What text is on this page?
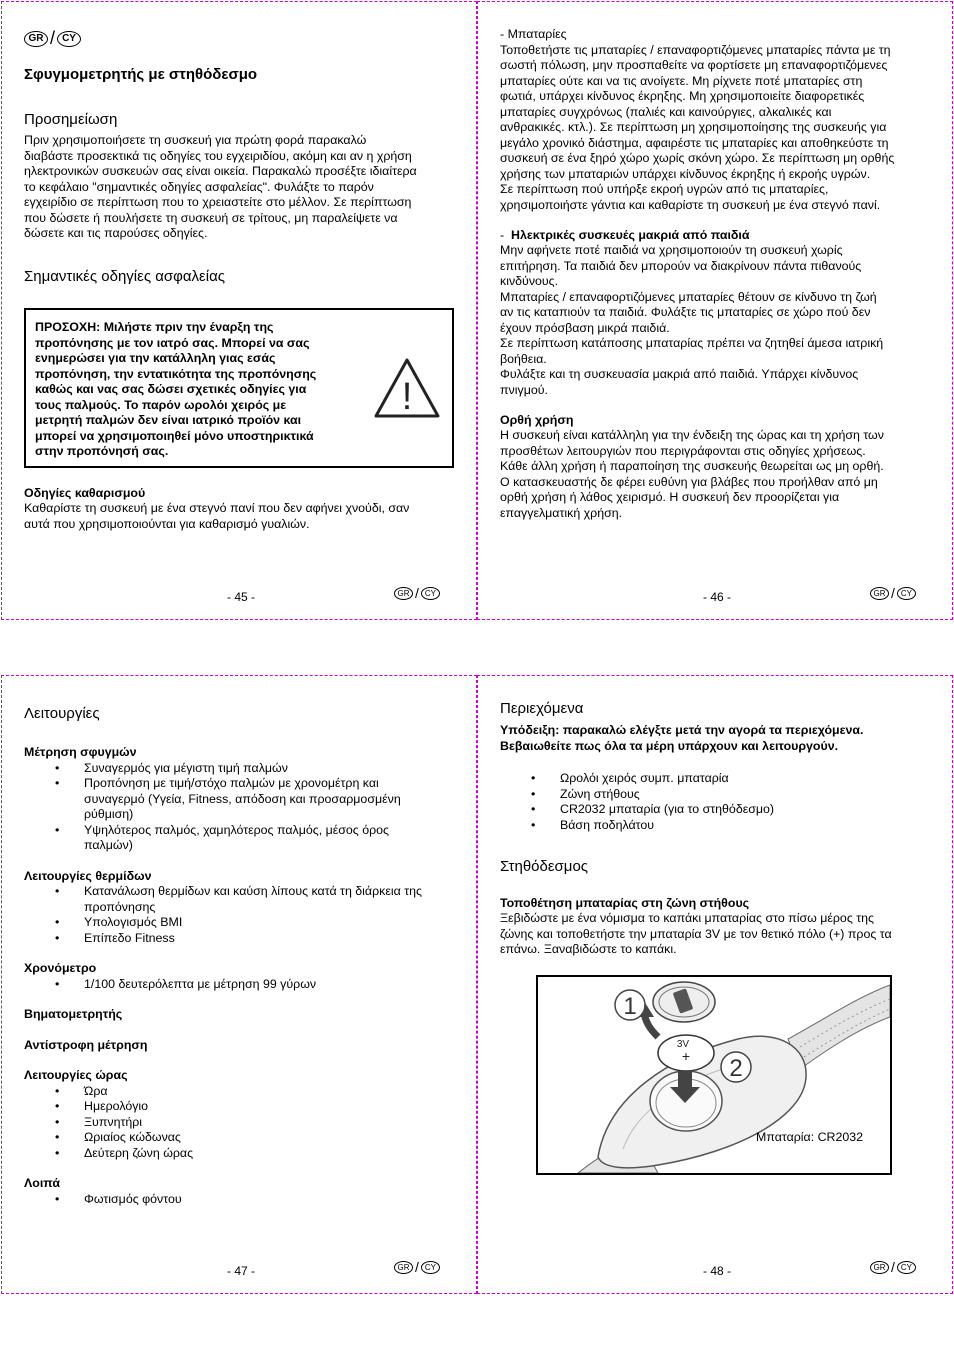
GR / CY
Σφυγμομετρητής με στηθόδεσμο
Προσημείωση
Πριν χρησιμοποιήσετε τη συσκευή για πρώτη φορά παρακαλώ
διαβάστε προσεκτικά τις οδηγίες του εγχειριδίου, ακόμη και αν η χρήση
ηλεκτρονικών συσκευών σας είναι οικεία. Παρακαλώ προσέξτε ιδιαίτερα
το κεφάλαιο "σημαντικές οδηγίες ασφαλείας". Φυλάξτε το παρόν
εγχειρίδιο σε περίπτωση που το χρειαστείτε στο μέλλον. Σε περίπτωση
που δώσετε ή πουλήσετε τη συσκευή σε τρίτους, μη παραλείψετε να
δώσετε και τις παρούσες οδηγίες.
Σημαντικές οδηγίες ασφαλείας
ΠΡΟΣΟΧΗ: Μιλήστε πριν την έναρξη της
προπόνησης με τον ιατρό σας. Μπορεί να σας
ενημερώσει για την κατάλληλη γιας εσάς
προπόνηση, την εντατικότητα της προπόνησης
καθώς και νας σας δώσει σχετικές οδηγίες για
τους παλμούς. Το παρόν ωρολόι χειρός με
μετρητή παλμών δεν είναι ιατρικό προϊόν και
μπορεί να χρησιμοποιηθεί μόνο υποστηρικτικά
στην προπόνησή σας.
!
Οδηγίες καθαρισμού
Καθαρίστε τη συσκευή με ένα στεγνό πανί που δεν αφήνει χνούδι, σαν
αυτά που χρησιμοποιούνται για καθαρισμό γυαλιών.
- 45 -	GR / CY
- Μπαταρίες
Τοποθετήστε τις μπαταρίες / επαναφορτιζόμενες μπαταρίες πάντα με τη
σωστή πόλωση, μην προσπαθείτε να φορτίσετε μη επαναφορτιζόμενες
μπαταρίες ούτε και να τις ανοίγετε. Μη ρίχνετε ποτέ μπαταρίες στη
φωτιά, υπάρχει κίνδυνος έκρηξης. Μη χρησιμοποιείτε διαφορετικές
μπαταρίες συγχρόνως (παλιές και καινούργιες, αλκαλικές και
ανθρακικές. κτλ.). Σε περίπτωση μη χρησιμοποίησης της συσκευής για
μεγάλο χρονικό διάστημα, αφαιρέστε τις μπαταρίες και αποθηκεύστε τη
συσκευή σε ένα ξηρό χώρο χωρίς σκόνη χώρο. Σε περίπτωση μη ορθής
χρήσης των μπαταριών υπάρχει κίνδυνος έκρηξης ή εκροής υγρών.
Σε περίπτωση πού υπήρξε εκροή υγρών από τις μπαταρίες,
χρησιμοποιήστε γάντια και καθαρίστε τη συσκευή με ένα στεγνό πανί.
- Ηλεκτρικές συσκευές μακριά από παιδιά
Μην αφήνετε ποτέ παιδιά να χρησιμοποιούν τη συσκευή χωρίς
επιτήρηση. Τα παιδιά δεν μπορούν να διακρίνουν πάντα πιθανούς
κινδύνους.
Μπαταρίες / επαναφορτιζόμενες μπαταρίες θέτουν σε κίνδυνο τη ζωή
αν τις καταπιούν τα παιδιά. Φυλάξτε τις μπαταρίες σε χώρο πού δεν
έχουν πρόσβαση μικρά παιδιά.
Σε περίπτωση κατάποσης μπαταρίας πρέπει να ζητηθεί άμεσα ιατρική
βοήθεια.
Φυλάξτε και τη συσκευασία μακριά από παιδιά. Υπάρχει κίνδυνος
πνιγμού.
Ορθή χρήση
Η συσκευή είναι κατάλληλη για την ένδειξη της ώρας και τη χρήση των
προσθέτων λειτουργιών που περιγράφονται στις οδηγίες χρήσεως.
Κάθε άλλη χρήση ή παραποίηση της συσκευής θεωρείται ως μη ορθή.
Ο κατασκευαστής δε φέρει ευθύνη για βλάβες που προήλθαν από μη
ορθή χρήση ή λάθος χειρισμό. Η συσκευή δεν προορίζεται για
επαγγελματική χρήση.
- 46 -	GR / CY
Λειτουργίες
Μέτρηση σφυγμών
• Συναγερμός για μέγιστη τιμή παλμών
• Προπόνηση με τιμή/στόχο παλμών με χρονομέτρη και
συναγερμό (Υγεία, Fitness, απόδοση και προσαρμοσμένη
ρύθμιση)
• Υψηλότερος παλμός, χαμηλότερος παλμός, μέσος όρος
παλμών)
Λειτουργίες θερμίδων
• Κατανάλωση θερμίδων και καύση λίπους κατά τη διάρκεια της
προπόνησης
• Υπολογισμός BMI
• Επίπεδο Fitness
Χρονόμετρο
• 1/100 δευτερόλεπτα με μέτρηση 99 γύρων
Βηματομετρητής
Αντίστροφη μέτρηση
Λειτουργίες ώρας
• Ώρα
• Ημερολόγιο
• Ξυπνητήρι
• Ωριαίος κώδωνας
• Δεύτερη ζώνη ώρας
Λοιπά
• Φωτισμός φόντου
- 47 -	GR / CY
Περιεχόμενα
Υπόδειξη: παρακαλώ ελέγξτε μετά την αγορά τα περιεχόμενα.
Βεβαιωθείτε πως όλα τα μέρη υπάρχουν και λειτουργούν.
• Ωρολόι χειρός συμπ. μπαταρία
• Ζώνη στήθους
• CR2032 μπαταρία (για το στηθόδεσμο)
• Βάση ποδηλάτου
Στηθόδεσμος
Τοποθέτηση μπαταρίας στη ζώνη στήθους
Ξεβιδώστε με ένα νόμισμα το καπάκι μπαταρίας στο πίσω μέρος της
ζώνης και τοποθετήστε την μπαταρία 3V με τον θετικό πόλο (+) προς τα
επάνω. Ξαναβιδώστε το καπάκι.
3V
+
1
2
Μπαταρία: CR2032
- 48 -	GR / CY
